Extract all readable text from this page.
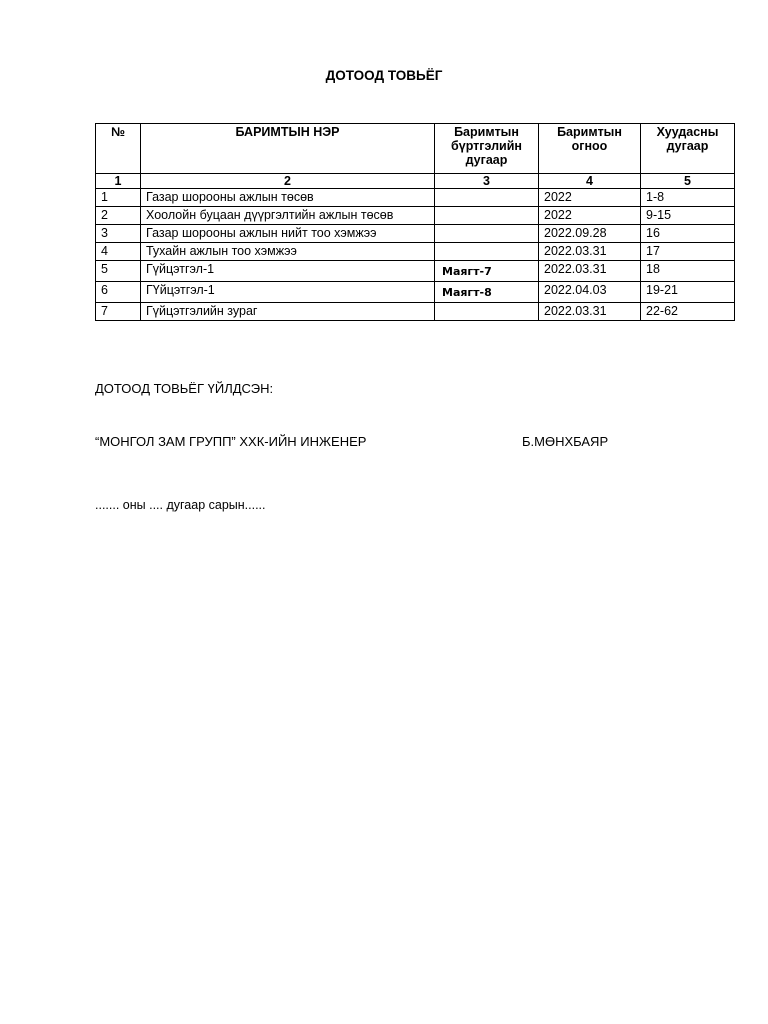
ДОТООД ТОВЬЁГ
№	БАРИМТЫН НЭР	Баримтын бүртгэлийн дугаар	Баримтын огноо	Хуудасны дугаар
1	2	3	4	5
1	Газар шорооны ажлын төсөв		2022	1-8
2	Хоолойн буцаан дүүргэлтийн ажлын төсөв		2022	9-15
3	Газар шорооны ажлын нийт тоо хэмжээ		2022.09.28	16
4	Тухайн ажлын тоо хэмжээ		2022.03.31	17
5	Гүйцэтгэл-1	Маягт-7	2022.03.31	18
6	ГҮйцэтгэл-1	Маягт-8	2022.04.03	19-21
7	Гүйцэтгэлийн зураг		2022.03.31	22-62
ДОТООД ТОВЬЁГ ҮЙЛДСЭН:
“МОНГОЛ ЗАМ ГРУПП” ХХК-ИЙН ИНЖЕНЕР	Б.МӨНХБАЯР
....... оны .... дугаар сарын......
